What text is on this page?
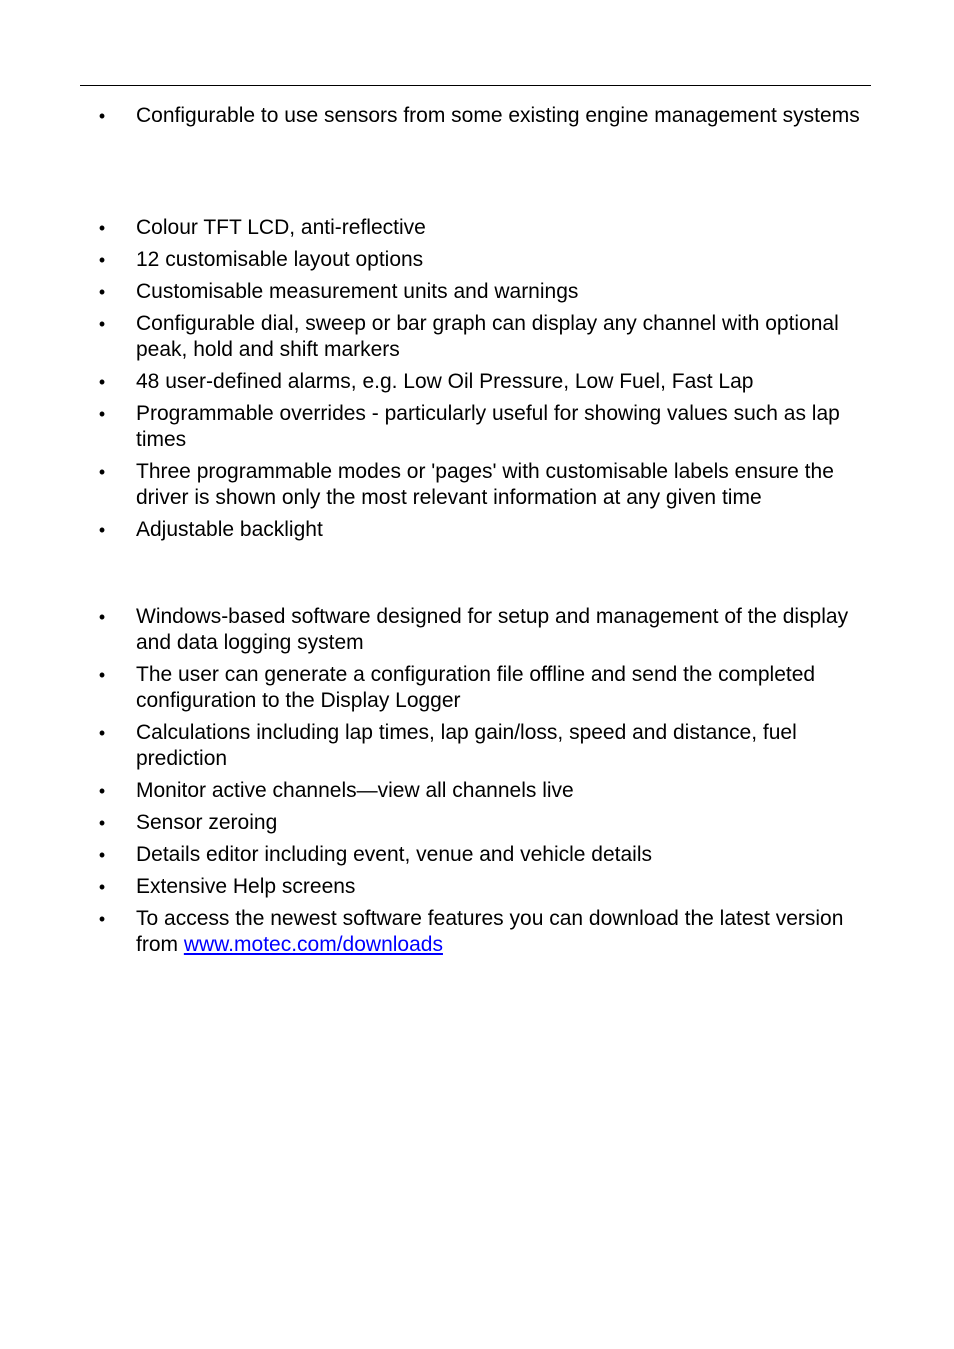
• Configurable to use sensors from some existing engine management systems
• Colour TFT LCD, anti-reflective
• 12 customisable layout options
• Customisable measurement units and warnings
• Configurable dial, sweep or bar graph can display any channel with optional peak, hold and shift markers
• 48 user-defined alarms, e.g. Low Oil Pressure, Low Fuel, Fast Lap
• Programmable overrides - particularly useful for showing values such as lap times
• Three programmable modes or 'pages' with customisable labels ensure the driver is shown only the most relevant information at any given time
• Adjustable backlight
• Windows-based software designed for setup and management of the display and data logging system
• The user can generate a configuration file offline and send the completed configuration to the Display Logger
• Calculations including lap times, lap gain/loss, speed and distance, fuel prediction
• Monitor active channels—view all channels live
• Sensor zeroing
• Details editor including event, venue and vehicle details
• Extensive Help screens
• To access the newest software features you can download the latest version from www.motec.com/downloads
